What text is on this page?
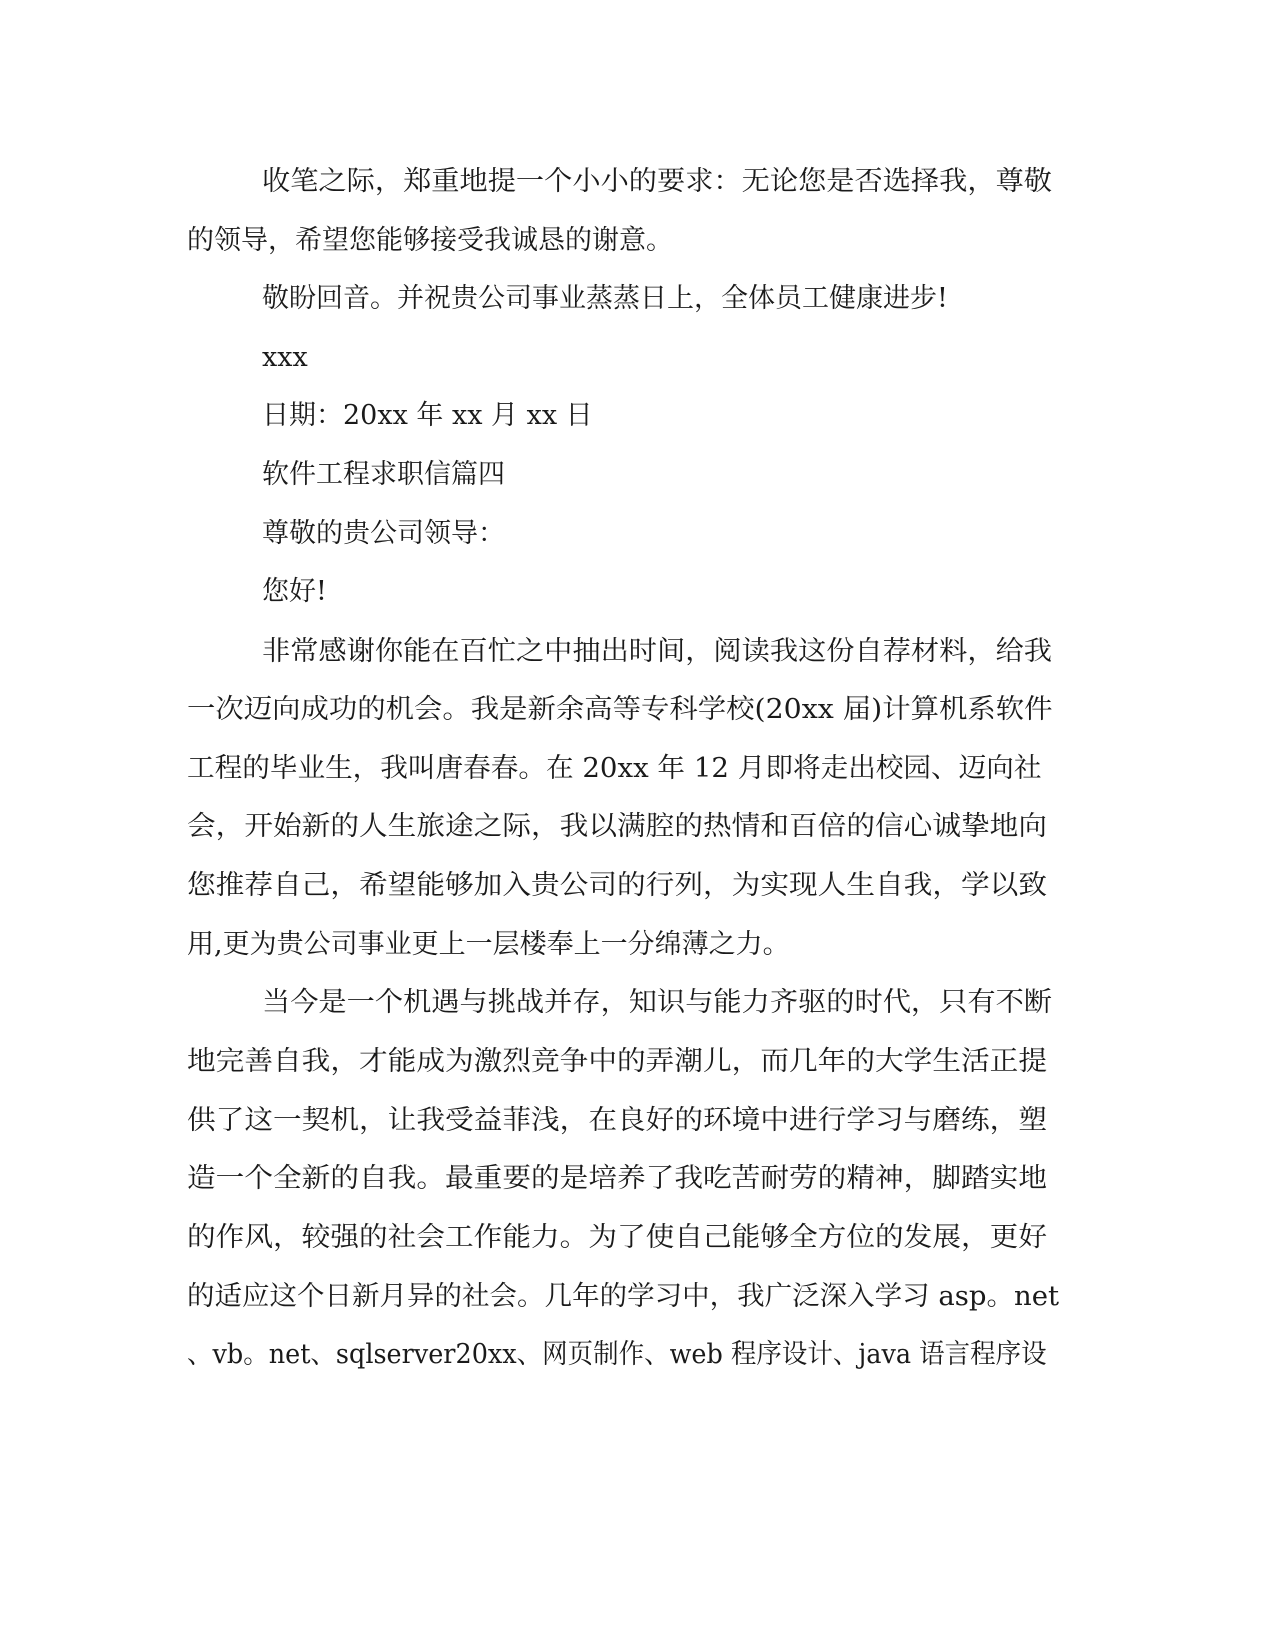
收笔之际，郑重地提一个小小的要求：无论您是否选择我，尊敬
的领导，希望您能够接受我诚恳的谢意。
敬盼回音。并祝贵公司事业蒸蒸日上，全体员工健康进步!
xxx
日期：20xx 年 xx 月 xx 日
软件工程求职信篇四
尊敬的贵公司领导：
您好!
非常感谢你能在百忙之中抽出时间，阅读我这份自荐材料，给我
一次迈向成功的机会。我是新余高等专科学校(20xx 届)计算机系软件
工程的毕业生，我叫唐春春。在 20xx 年 12 月即将走出校园、迈向社
会，开始新的人生旅途之际，我以满腔的热情和百倍的信心诚挚地向
您推荐自己，希望能够加入贵公司的行列，为实现人生自我，学以致
用,更为贵公司事业更上一层楼奉上一分绵薄之力。
当今是一个机遇与挑战并存，知识与能力齐驱的时代，只有不断
地完善自我，才能成为激烈竞争中的弄潮儿，而几年的大学生活正提
供了这一契机，让我受益菲浅，在良好的环境中进行学习与磨练，塑
造一个全新的自我。最重要的是培养了我吃苦耐劳的精神，脚踏实地
的作风，较强的社会工作能力。为了使自己能够全方位的发展，更好
的适应这个日新月异的社会。几年的学习中，我广泛深入学习 asp。net
、vb。net、sqlserver20xx、网页制作、web 程序设计、java 语言程序设
